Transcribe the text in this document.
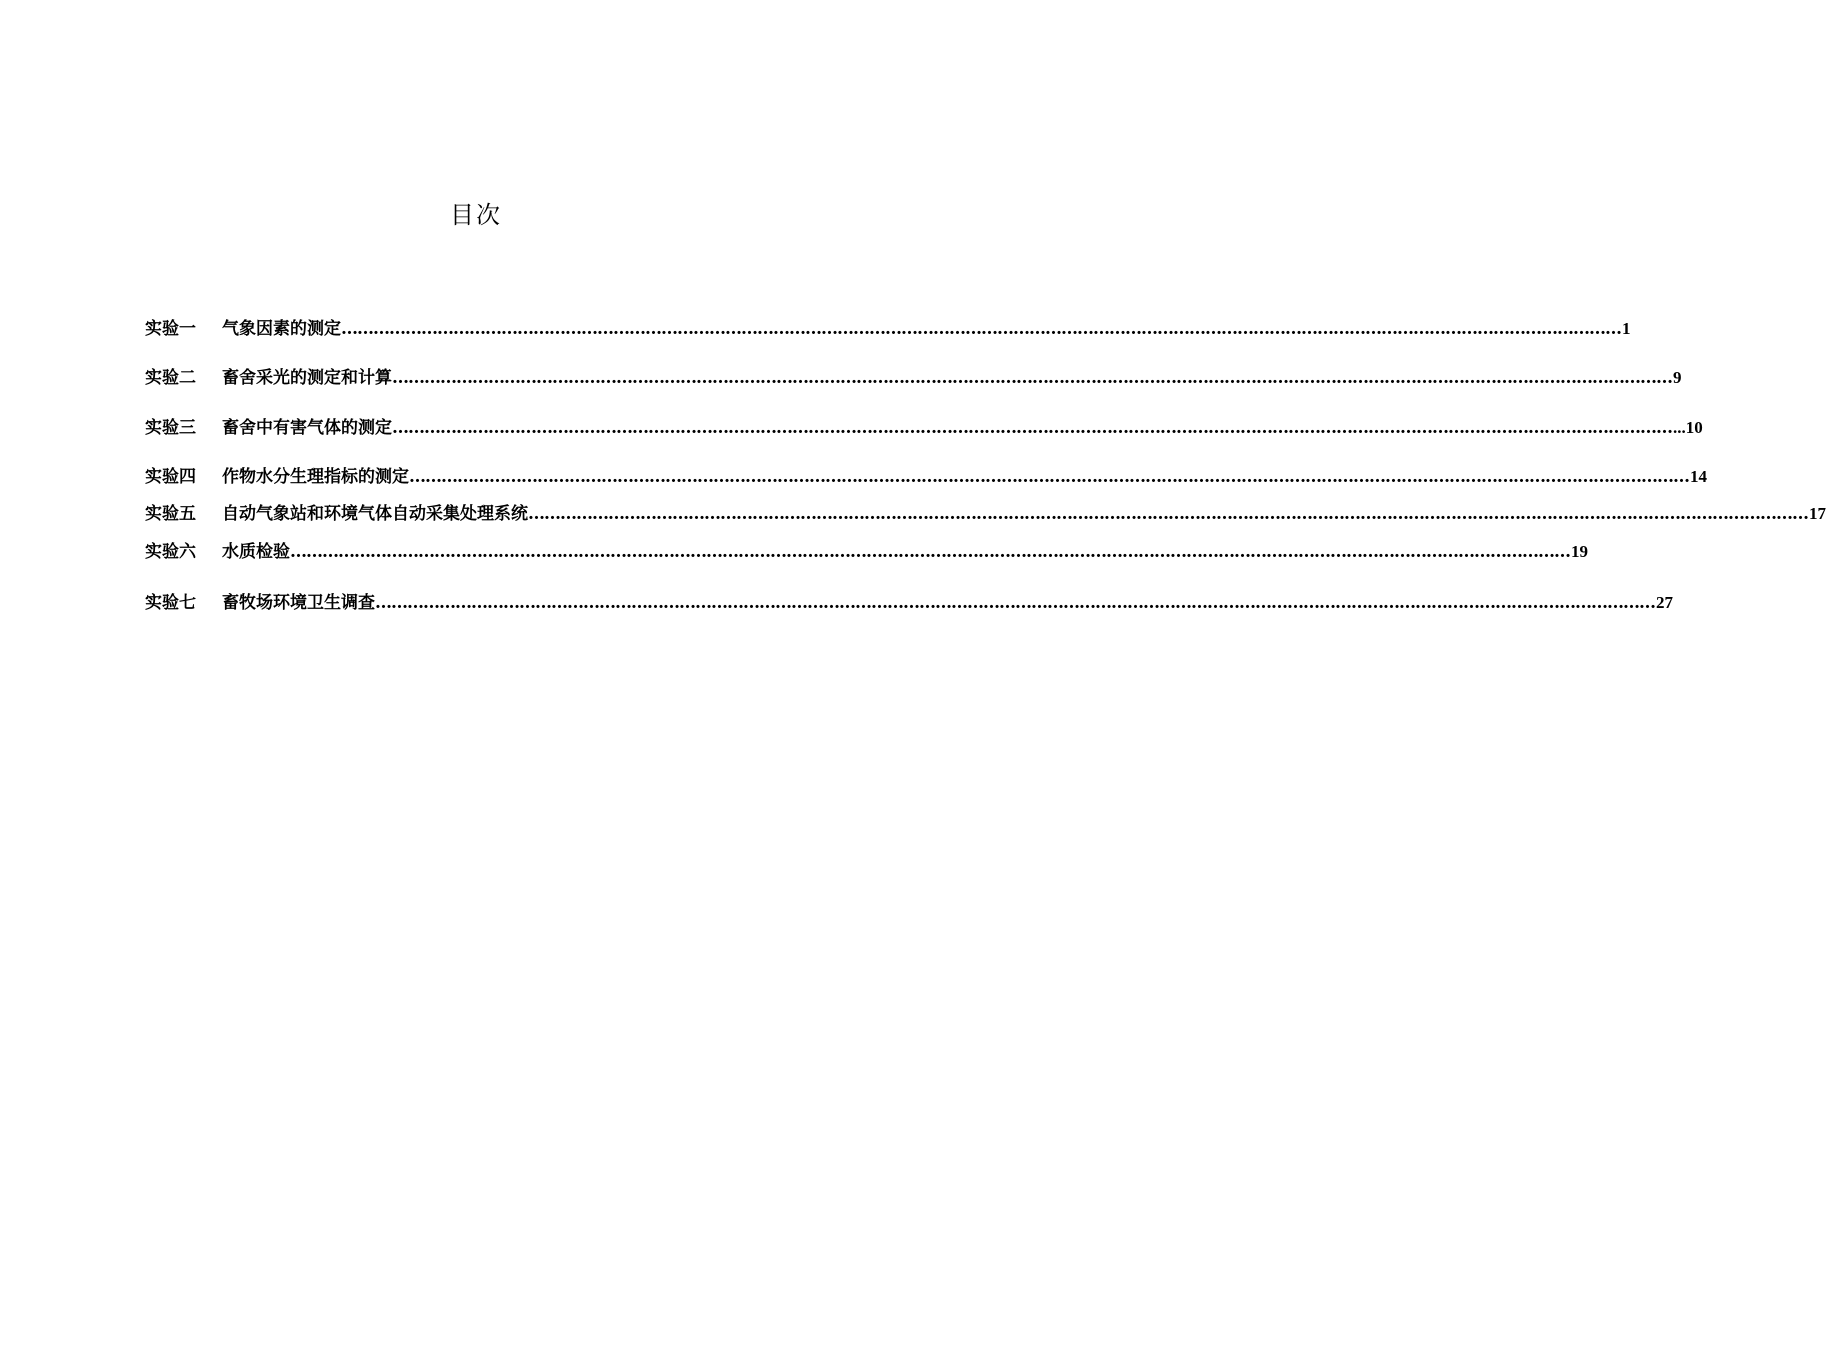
目次
实验一	气象因素的测定 …………………………………………………………………………………………………………………………………………………………………………………………………………………… 1
实验二	畜舍采光的测定和计算 …………………………………………………………………………………………………………………………………………………………………………………………………………………… 9
实验三	畜舍中有害气体的测定 …………………………………………………………………………………………………………………………………………………………………………………………………………………… ...10
实验四	作物水分生理指标的测定 …………………………………………………………………………………………………………………………………………………………………………………………………………………… 14
实验五	自动气象站和环境气体自动采集处理系统 …………………………………………………………………………………………………………………………………………………………………………………………………………………… 17
实验六	水质检验 …………………………………………………………………………………………………………………………………………………………………………………………………………………… 19
实验七	畜牧场环境卫生调查 …………………………………………………………………………………………………………………………………………………………………………………………………………………… 27
